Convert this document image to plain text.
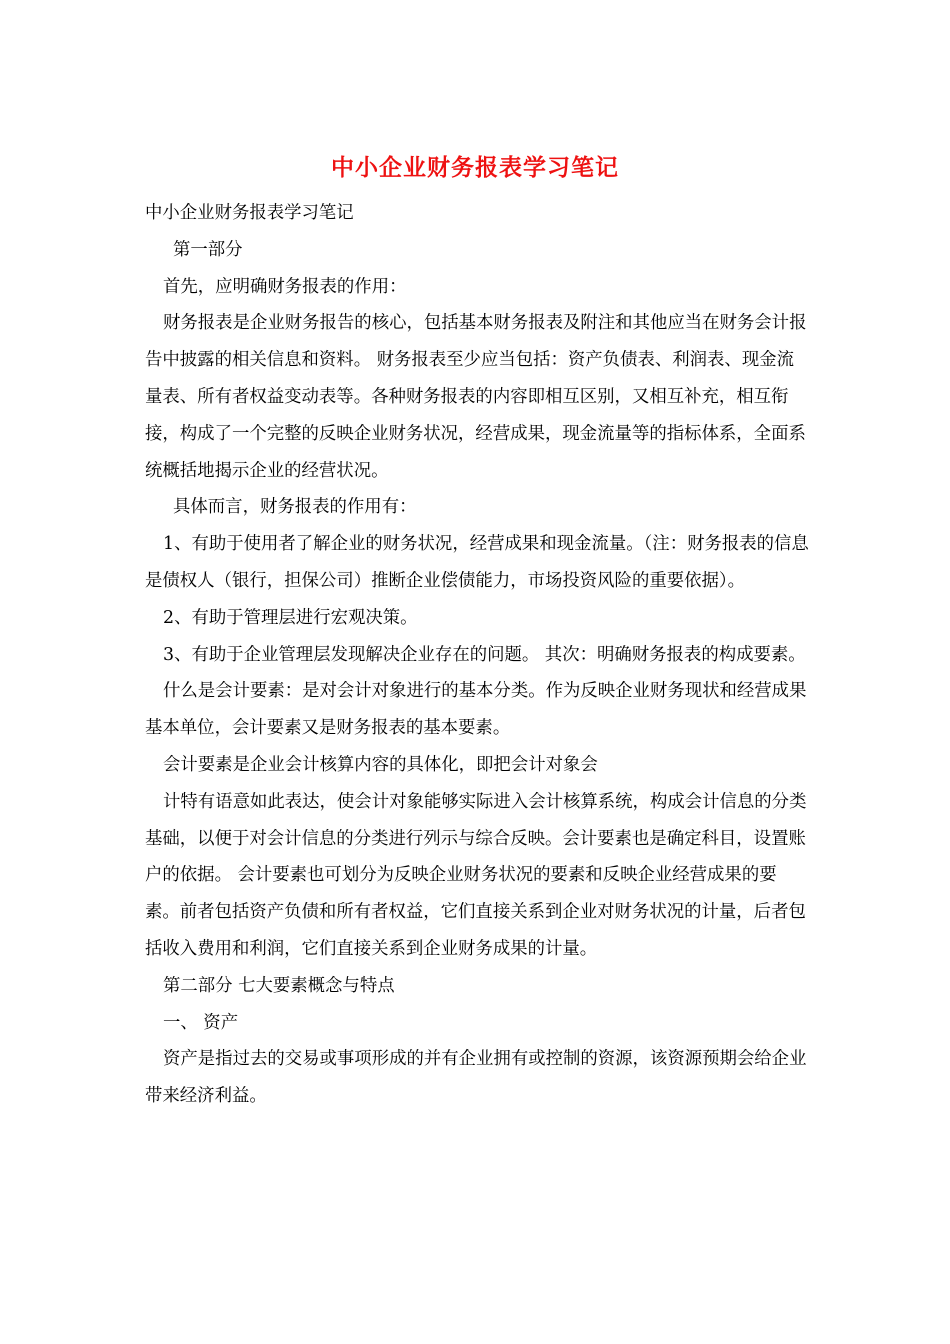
中小企业财务报表学习笔记

中小企业财务报表学习笔记

第一部分

首先，应明确财务报表的作用：

财务报表是企业财务报告的核心，包括基本财务报表及附注和其他应当在财务会计报告中披露的相关信息和资料。 财务报表至少应当包括：资产负债表、利润表、现金流量表、所有者权益变动表等。各种财务报表的内容即相互区别，又相互补充，相互衔接，构成了一个完整的反映企业财务状况，经营成果，现金流量等的指标体系，全面系统概括地揭示企业的经营状况。

具体而言，财务报表的作用有：

1、有助于使用者了解企业的财务状况，经营成果和现金流量。（注：财务报表的信息是债权人（银行，担保公司）推断企业偿债能力，市场投资风险的重要依据）。

2、有助于管理层进行宏观决策。

3、有助于企业管理层发现解决企业存在的问题。 其次：明确财务报表的构成要素。

什么是会计要素：是对会计对象进行的基本分类。作为反映企业财务现状和经营成果基本单位，会计要素又是财务报表的基本要素。

会计要素是企业会计核算内容的具体化，即把会计对象会

计特有语意如此表达，使会计对象能够实际进入会计核算系统，构成会计信息的分类基础，以便于对会计信息的分类进行列示与综合反映。会计要素也是确定科目，设置账户的依据。 会计要素也可划分为反映企业财务状况的要素和反映企业经营成果的要素。前者包括资产负债和所有者权益，它们直接关系到企业对财务状况的计量，后者包括收入费用和利润，它们直接关系到企业财务成果的计量。

第二部分 七大要素概念与特点

一、 资产

资产是指过去的交易或事项形成的并有企业拥有或控制的资源，该资源预期会给企业带来经济利益。
